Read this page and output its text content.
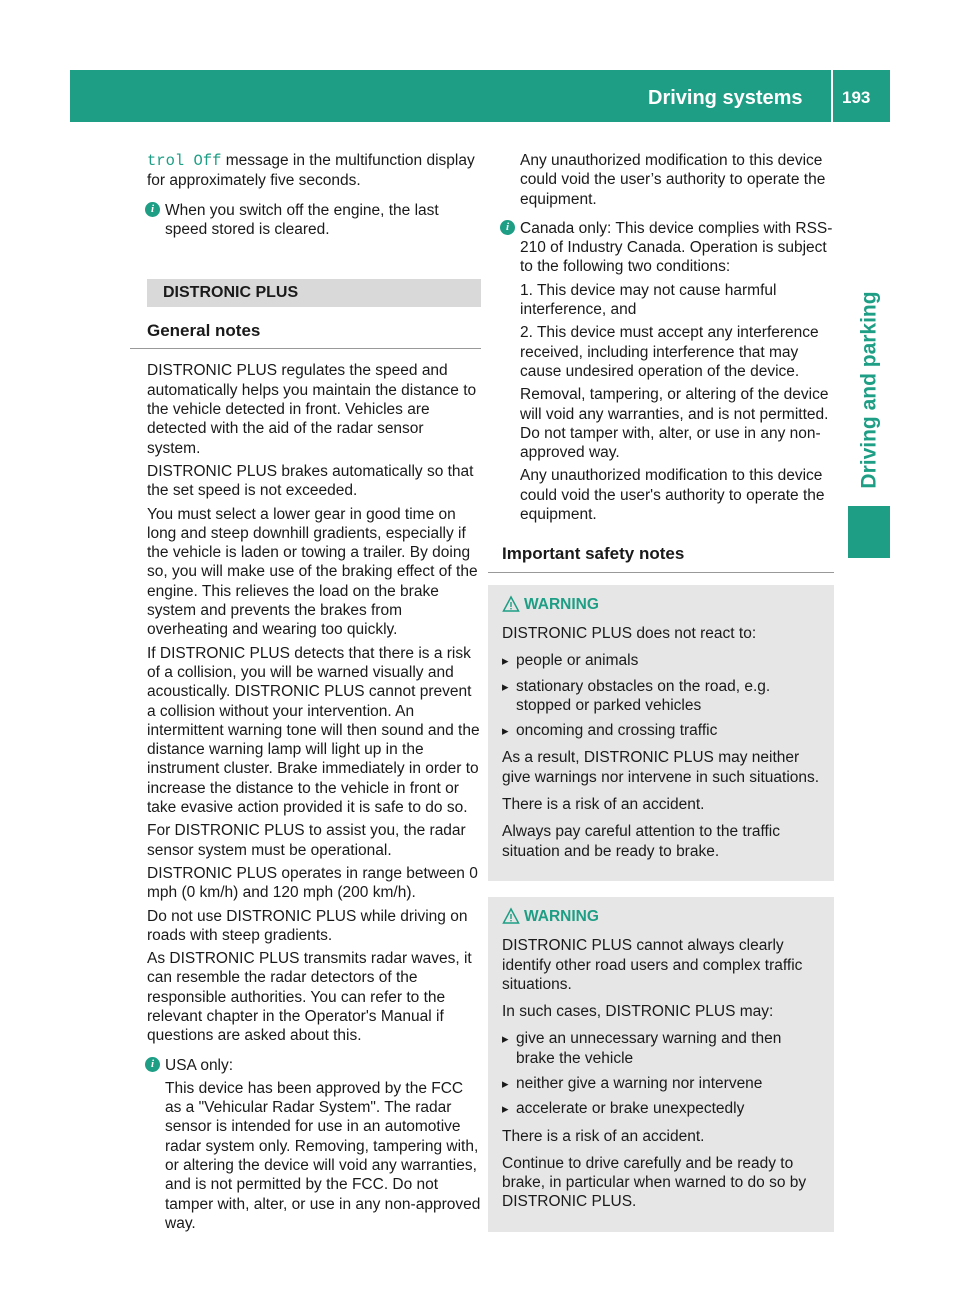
Driving systems 193
Driving and parking

trol Off message in the multifunction display for approximately five seconds.

i When you switch off the engine, the last speed stored is cleared.
DISTRONIC PLUS
General notes

DISTRONIC PLUS regulates the speed and automatically helps you maintain the distance to the vehicle detected in front. Vehicles are detected with the aid of the radar sensor system.

DISTRONIC PLUS brakes automatically so that the set speed is not exceeded.

You must select a lower gear in good time on long and steep downhill gradients, especially if the vehicle is laden or towing a trailer. By doing so, you will make use of the braking effect of the engine. This relieves the load on the brake system and prevents the brakes from overheating and wearing too quickly.

If DISTRONIC PLUS detects that there is a risk of a collision, you will be warned visually and acoustically. DISTRONIC PLUS cannot prevent a collision without your intervention. An intermittent warning tone will then sound and the distance warning lamp will light up in the instrument cluster. Brake immediately in order to increase the distance to the vehicle in front or take evasive action provided it is safe to do so.

For DISTRONIC PLUS to assist you, the radar sensor system must be operational.

DISTRONIC PLUS operates in range between 0 mph (0 km/h) and 120 mph (200 km/h).

Do not use DISTRONIC PLUS while driving on roads with steep gradients.

As DISTRONIC PLUS transmits radar waves, it can resemble the radar detectors of the responsible authorities. You can refer to the relevant chapter in the Operator's Manual if questions are asked about this.

i USA only:

This device has been approved by the FCC as a "Vehicular Radar System". The radar sensor is intended for use in an automotive radar system only. Removing, tampering with, or altering the device will void any warranties, and is not permitted by the FCC. Do not tamper with, alter, or use in any non-approved way.

Any unauthorized modification to this device could void the user’s authority to operate the equipment.

i Canada only: This device complies with RSS-210 of Industry Canada. Operation is subject to the following two conditions:

1. This device may not cause harmful interference, and

2. This device must accept any interference received, including interference that may cause undesired operation of the device.

Removal, tampering, or altering of the device will void any warranties, and is not permitted. Do not tamper with, alter, or use in any non-approved way.

Any unauthorized modification to this device could void the user's authority to operate the equipment.

Important safety notes
WARNING

DISTRONIC PLUS does not react to:

▸ people or animals
▸ stationary obstacles on the road, e.g. stopped or parked vehicles
▸ oncoming and crossing traffic

As a result, DISTRONIC PLUS may neither give warnings nor intervene in such situations.

There is a risk of an accident.

Always pay careful attention to the traffic situation and be ready to brake.

WARNING

DISTRONIC PLUS cannot always clearly identify other road users and complex traffic situations.

In such cases, DISTRONIC PLUS may:

▸ give an unnecessary warning and then brake the vehicle
▸ neither give a warning nor intervene
▸ accelerate or brake unexpectedly

There is a risk of an accident.

Continue to drive carefully and be ready to brake, in particular when warned to do so by DISTRONIC PLUS.
